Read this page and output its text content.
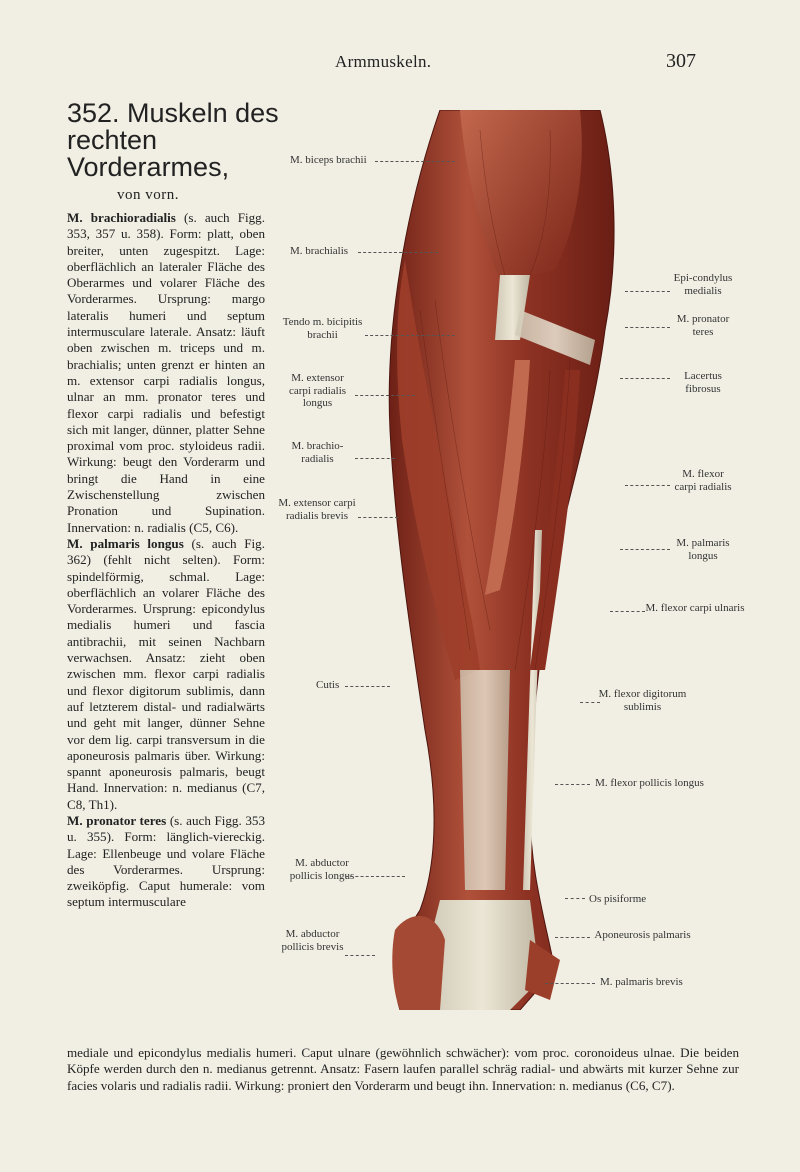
Armmuskeln.	307
352. Muskeln des rechten Vorderarmes,
von vorn.

M. brachioradialis (s. auch Figg. 353, 357 u. 358). Form: platt, oben breiter, unten zugespitzt. Lage: oberflächlich an lateraler Fläche des Oberarmes und volarer Fläche des Vorderarmes. Ursprung: margo lateralis humeri und septum intermusculare laterale. Ansatz: läuft oben zwischen m. triceps und m. brachialis; unten grenzt er hinten an m. extensor carpi radialis longus, ulnar an mm. pronator teres und flexor carpi radialis und befestigt sich mit langer, dünner, platter Sehne proximal vom proc. styloideus radii. Wirkung: beugt den Vorderarm und bringt die Hand in eine Zwischenstellung zwischen Pronation und Supination. Innervation: n. radialis (C5, C6).

M. palmaris longus (s. auch Fig. 362) (fehlt nicht selten). Form: spindelförmig, schmal. Lage: oberflächlich an volarer Fläche des Vorderarmes. Ursprung: epicondylus medialis humeri und fascia antibrachii, mit seinen Nachbarn verwachsen. Ansatz: zieht oben zwischen mm. flexor carpi radialis und flexor digitorum sublimis, dann auf letzterem distal- und radialwärts und geht mit langer, dünner Sehne vor dem lig. carpi transversum in die aponeurosis palmaris über. Wirkung: spannt aponeurosis palmaris, beugt Hand. Innervation: n. medianus (C7, C8, Th1).

M. pronator teres (s. auch Figg. 353 u. 355). Form: länglich-viereckig. Lage: Ellenbeuge und volare Fläche des Vorderarmes. Ursprung: zweiköpfig. Caput humerale: vom septum intermusculare

mediale und epicondylus medialis humeri. Caput ulnare (gewöhnlich schwächer): vom proc. coronoideus ulnae. Die beiden Köpfe werden durch den n. medianus getrennt. Ansatz: Fasern laufen parallel schräg radial- und abwärts mit kurzer Sehne zur facies volaris und radialis radii. Wirkung: proniert den Vorderarm und beugt ihn. Innervation: n. medianus (C6, C7).
M. biceps brachii
M. brachialis
Tendo m. bicipitis brachii
M. extensor carpi radialis longus
M. brachio-radialis
M. extensor carpi radialis brevis
Cutis
M. abductor pollicis longus
M. abductor pollicis brevis
Epi-condylus medialis
M. pronator teres
Lacertus fibrosus
M. flexor carpi radialis
M. palmaris longus
M. flexor carpi ulnaris
M. flexor digitorum sublimis
M. flexor pollicis longus
Os pisiforme
Aponeurosis palmaris
M. palmaris brevis
